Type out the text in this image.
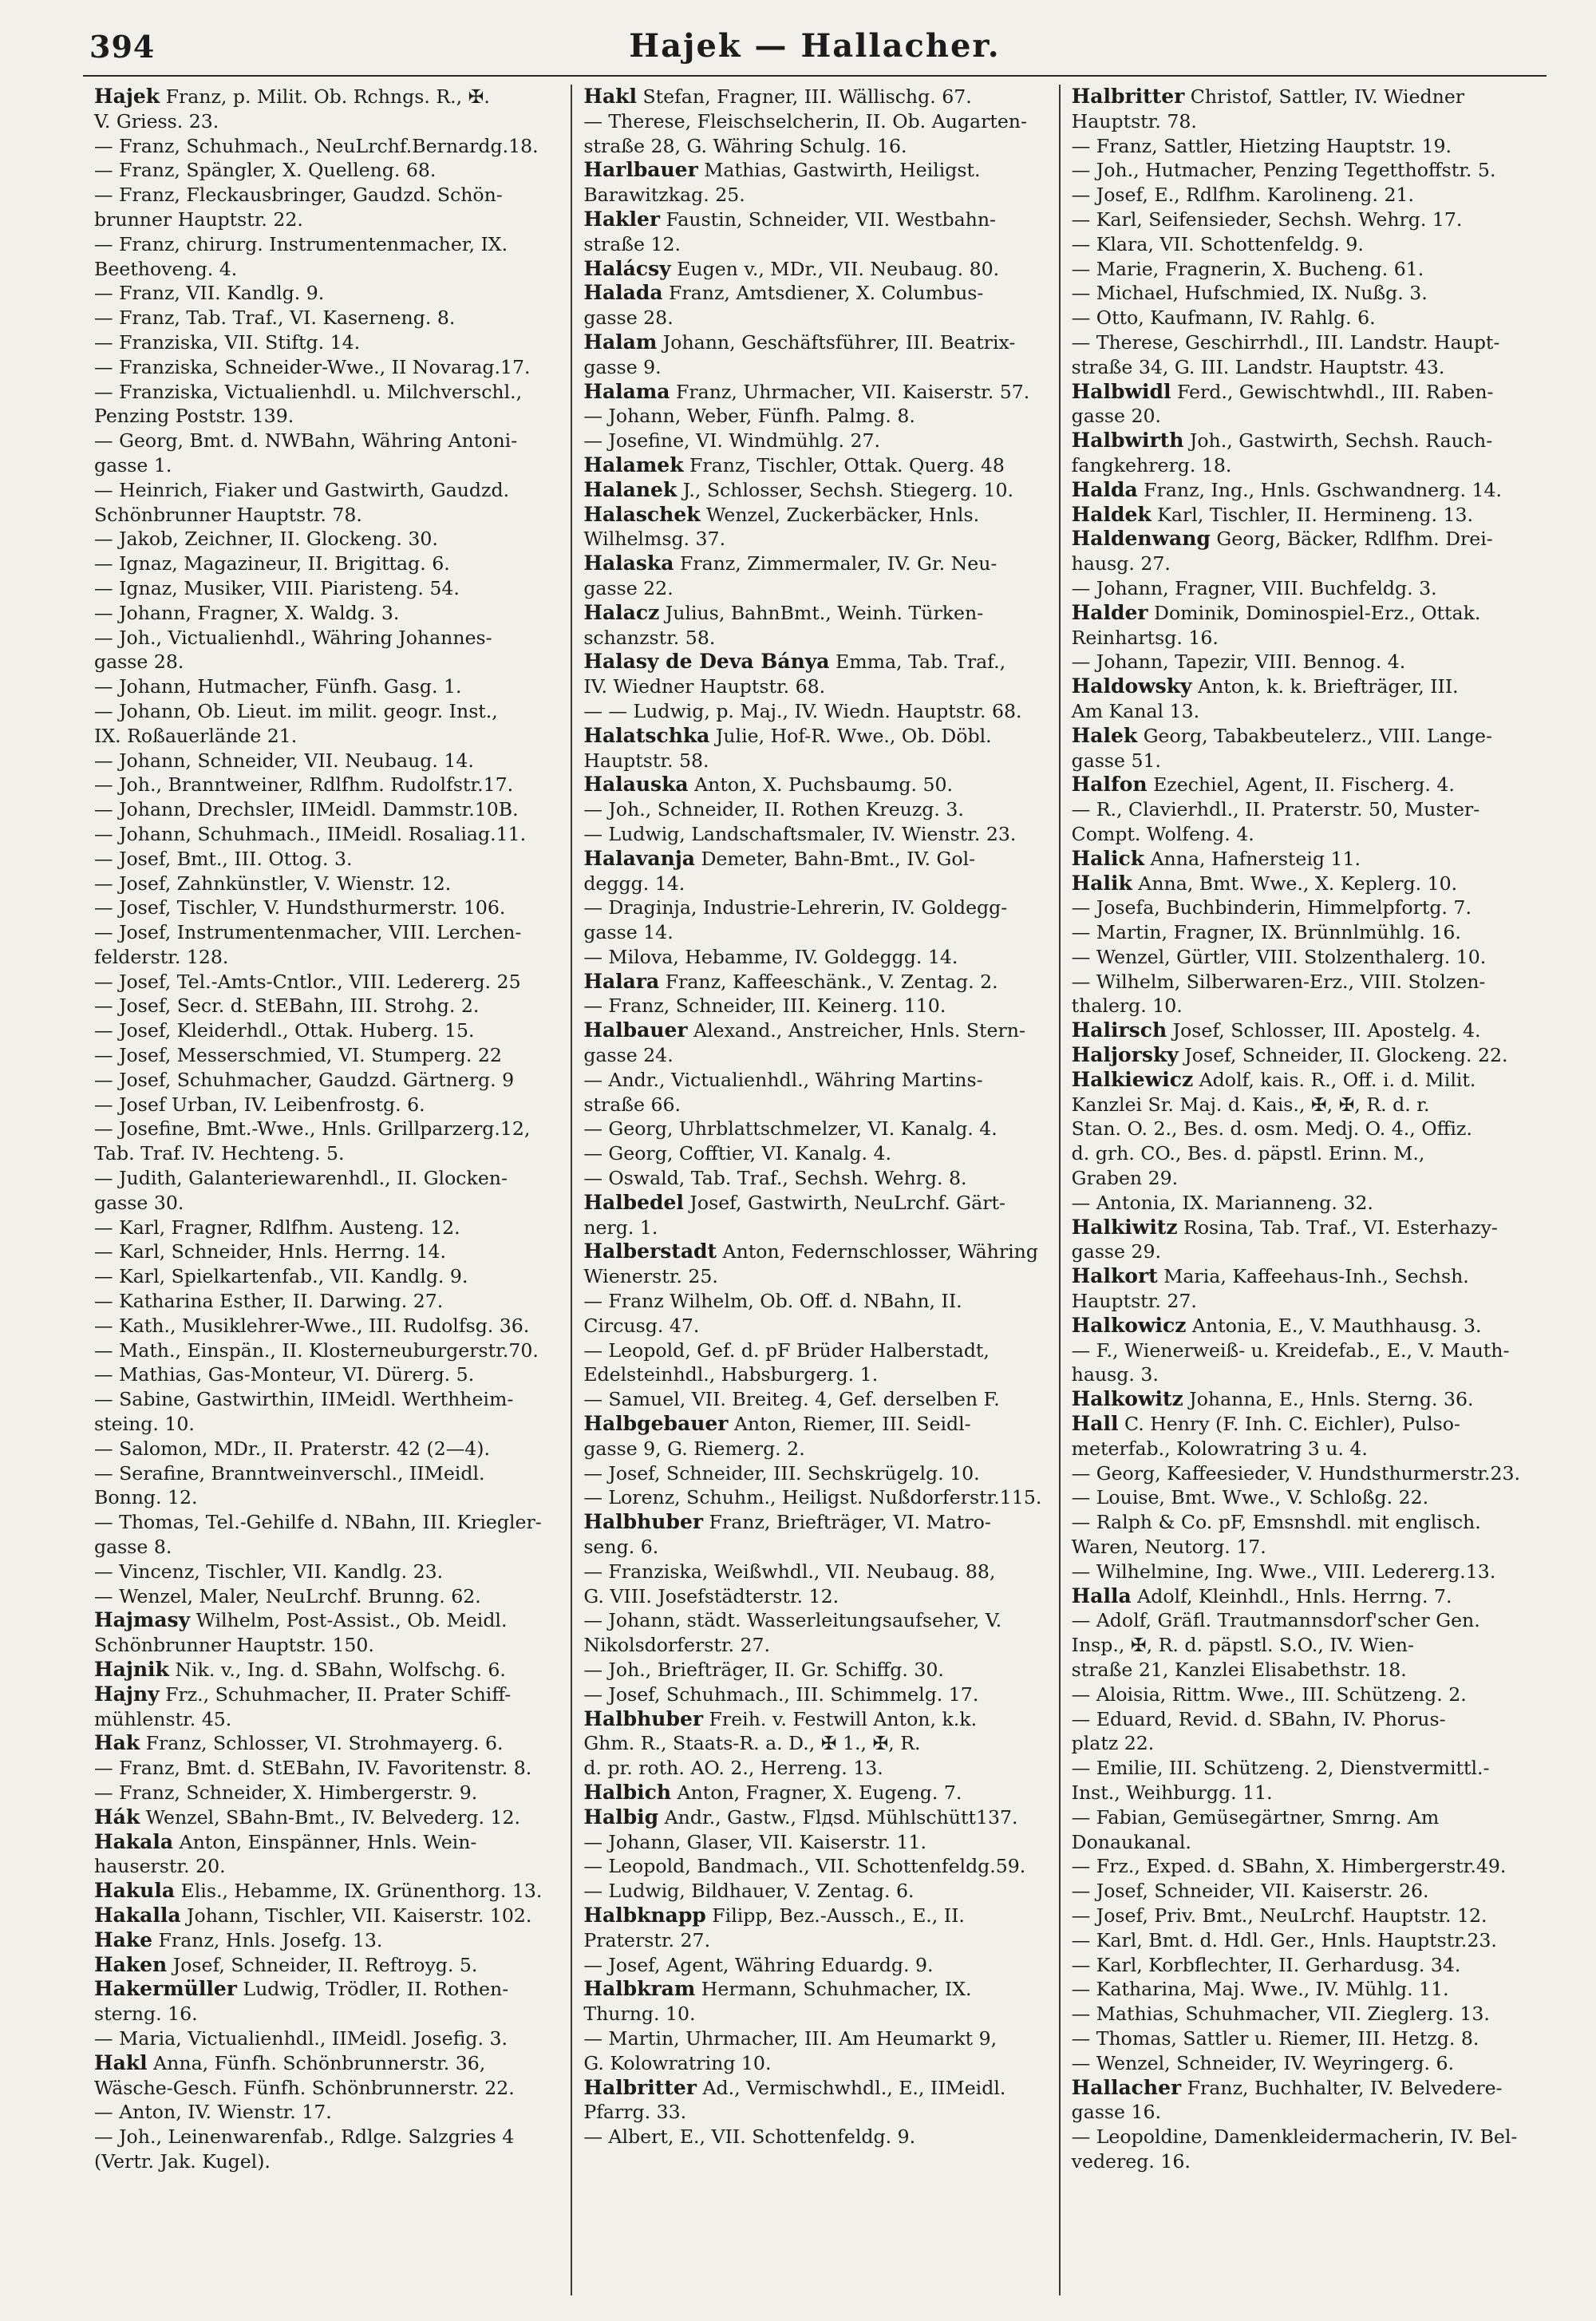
394	Hajek — Hallacher.
Hajek Franz, p. Milit. Ob. Rchngs. R., ✠.
V. Griess. 23.
— Franz, Schuhmach., NeuLrchf.Bernardg.18.
— Franz, Spängler, X. Quelleng. 68.
— Franz, Fleckausbringer, Gaudzd. Schön-
brunner Hauptstr. 22.
— Franz, chirurg. Instrumentenmacher, IX.
Beethoveng. 4.
— Franz, VII. Kandlg. 9.
— Franz, Tab. Traf., VI. Kaserneng. 8.
— Franziska, VII. Stiftg. 14.
— Franziska, Schneider-Wwe., II Novarag.17.
— Franziska, Victualienhdl. u. Milchverschl.,
Penzing Poststr. 139.
— Georg, Bmt. d. NWBahn, Währing Antoni-
gasse 1.
— Heinrich, Fiaker und Gastwirth, Gaudzd.
Schönbrunner Hauptstr. 78.
— Jakob, Zeichner, II. Glockeng. 30.
— Ignaz, Magazineur, II. Brigittag. 6.
— Ignaz, Musiker, VIII. Piaristeng. 54.
— Johann, Fragner, X. Waldg. 3.
— Joh., Victualienhdl., Währing Johannes-
gasse 28.
— Johann, Hutmacher, Fünfh. Gasg. 1.
— Johann, Ob. Lieut. im milit. geogr. Inst.,
IX. Roßauerlände 21.
— Johann, Schneider, VII. Neubaug. 14.
— Joh., Branntweiner, Rdlfhm. Rudolfstr.17.
— Johann, Drechsler, IIMeidl. Dammstr.10B.
— Johann, Schuhmach., IIMeidl. Rosaliag.11.
— Josef, Bmt., III. Ottog. 3.
— Josef, Zahnkünstler, V. Wienstr. 12.
— Josef, Tischler, V. Hundsthurmerstr. 106.
— Josef, Instrumentenmacher, VIII. Lerchen-
felderstr. 128.
— Josef, Tel.-Amts-Cntlor., VIII. Ledererg. 25
— Josef, Secr. d. StEBahn, III. Strohg. 2.
— Josef, Kleiderhdl., Ottak. Huberg. 15.
— Josef, Messerschmied, VI. Stumperg. 22
— Josef, Schuhmacher, Gaudzd. Gärtnerg. 9
— Josef Urban, IV. Leibenfrostg. 6.
— Josefine, Bmt.-Wwe., Hnls. Grillparzerg.12,
Tab. Traf. IV. Hechteng. 5.
— Judith, Galanteriewarenhdl., II. Glocken-
gasse 30.
— Karl, Fragner, Rdlfhm. Austeng. 12.
— Karl, Schneider, Hnls. Herrng. 14.
— Karl, Spielkartenfab., VII. Kandlg. 9.
— Katharina Esther, II. Darwing. 27.
— Kath., Musiklehrer-Wwe., III. Rudolfsg. 36.
— Math., Einspän., II. Klosterneuburgerstr.70.
— Mathias, Gas-Monteur, VI. Dürerg. 5.
— Sabine, Gastwirthin, IIMeidl. Werthheim-
steing. 10.
— Salomon, MDr., II. Praterstr. 42 (2—4).
— Serafine, Branntweinverschl., IIMeidl.
Bonng. 12.
— Thomas, Tel.-Gehilfe d. NBahn, III. Kriegler-
gasse 8.
— Vincenz, Tischler, VII. Kandlg. 23.
— Wenzel, Maler, NeuLrchf. Brunng. 62.
Hajmasy Wilhelm, Post-Assist., Ob. Meidl.
Schönbrunner Hauptstr. 150.
Hajnik Nik. v., Ing. d. SBahn, Wolfschg. 6.
Hajny Frz., Schuhmacher, II. Prater Schiff-
mühlenstr. 45.
Hak Franz, Schlosser, VI. Strohmayerg. 6.
— Franz, Bmt. d. StEBahn, IV. Favoritenstr. 8.
— Franz, Schneider, X. Himbergerstr. 9.
Hák Wenzel, SBahn-Bmt., IV. Belvederg. 12.
Hakala Anton, Einspänner, Hnls. Wein-
hauserstr. 20.
Hakula Elis., Hebamme, IX. Grünenthorg. 13.
Hakalla Johann, Tischler, VII. Kaiserstr. 102.
Hake Franz, Hnls. Josefg. 13.
Haken Josef, Schneider, II. Reftroyg. 5.
Hakermüller Ludwig, Trödler, II. Rothen-
sterng. 16.
— Maria, Victualienhdl., IIMeidl. Josefig. 3.
Hakl Anna, Fünfh. Schönbrunnerstr. 36,
Wäsche-Gesch. Fünfh. Schönbrunnerstr. 22.
— Anton, IV. Wienstr. 17.
— Joh., Leinenwarenfab., Rdlge. Salzgries 4
(Vertr. Jak. Kugel).
Hakl Stefan, Fragner, III. Wällischg. 67.
— Therese, Fleischselcherin, II. Ob. Augarten-
straße 28, G. Währing Schulg. 16.
Harlbauer Mathias, Gastwirth, Heiligst.
Barawitzkag. 25.
Hakler Faustin, Schneider, VII. Westbahn-
straße 12.
Halácsy Eugen v., MDr., VII. Neubaug. 80.
Halada Franz, Amtsdiener, X. Columbus-
gasse 28.
Halam Johann, Geschäftsführer, III. Beatrix-
gasse 9.
Halama Franz, Uhrmacher, VII. Kaiserstr. 57.
— Johann, Weber, Fünfh. Palmg. 8.
— Josefine, VI. Windmühlg. 27.
Halamek Franz, Tischler, Ottak. Querg. 48
Halanek J., Schlosser, Sechsh. Stiegerg. 10.
Halaschek Wenzel, Zuckerbäcker, Hnls.
Wilhelmsg. 37.
Halaska Franz, Zimmermaler, IV. Gr. Neu-
gasse 22.
Halacz Julius, BahnBmt., Weinh. Türken-
schanzstr. 58.
Halasy de Deva Bánya Emma, Tab. Traf.,
IV. Wiedner Hauptstr. 68.
— — Ludwig, p. Maj., IV. Wiedn. Hauptstr. 68.
Halatschka Julie, Hof-R. Wwe., Ob. Döbl.
Hauptstr. 58.
Halauska Anton, X. Puchsbaumg. 50.
— Joh., Schneider, II. Rothen Kreuzg. 3.
— Ludwig, Landschaftsmaler, IV. Wienstr. 23.
Halavanja Demeter, Bahn-Bmt., IV. Gol-
deggg. 14.
— Draginja, Industrie-Lehrerin, IV. Goldegg-
gasse 14.
— Milova, Hebamme, IV. Goldeggg. 14.
Halara Franz, Kaffeeschänk., V. Zentag. 2.
— Franz, Schneider, III. Keinerg. 110.
Halbauer Alexand., Anstreicher, Hnls. Stern-
gasse 24.
— Andr., Victualienhdl., Währing Martins-
straße 66.
— Georg, Uhrblattschmelzer, VI. Kanalg. 4.
— Georg, Cofftier, VI. Kanalg. 4.
— Oswald, Tab. Traf., Sechsh. Wehrg. 8.
Halbedel Josef, Gastwirth, NeuLrchf. Gärt-
nerg. 1.
Halberstadt Anton, Federnschlosser, Währing
Wienerstr. 25.
— Franz Wilhelm, Ob. Off. d. NBahn, II.
Circusg. 47.
— Leopold, Gef. d. pF Brüder Halberstadt,
Edelsteinhdl., Habsburgerg. 1.
— Samuel, VII. Breiteg. 4, Gef. derselben F.
Halbgebauer Anton, Riemer, III. Seidl-
gasse 9, G. Riemerg. 2.
— Josef, Schneider, III. Sechskrügelg. 10.
— Lorenz, Schuhm., Heiligst. Nußdorferstr.115.
Halbhuber Franz, Briefträger, VI. Matro-
seng. 6.
— Franziska, Weißwhdl., VII. Neubaug. 88,
G. VIII. Josefstädterstr. 12.
— Johann, städt. Wasserleitungsaufseher, V.
Nikolsdorferstr. 27.
— Joh., Briefträger, II. Gr. Schiffg. 30.
— Josef, Schuhmach., III. Schimmelg. 17.
Halbhuber Freih. v. Festwill Anton, k.k.
Ghm. R., Staats-R. a. D., ✠ 1., ✠, R.
d. pr. roth. AO. 2., Herreng. 13.
Halbich Anton, Fragner, X. Eugeng. 7.
Halbig Andr., Gastw., Flдsd. Mühlschütt137.
— Johann, Glaser, VII. Kaiserstr. 11.
— Leopold, Bandmach., VII. Schottenfeldg.59.
— Ludwig, Bildhauer, V. Zentag. 6.
Halbknapp Filipp, Bez.-Aussch., E., II.
Praterstr. 27.
— Josef, Agent, Währing Eduardg. 9.
Halbkram Hermann, Schuhmacher, IX.
Thurng. 10.
— Martin, Uhrmacher, III. Am Heumarkt 9,
G. Kolowratring 10.
Halbritter Ad., Vermischwhdl., E., IIMeidl.
Pfarrg. 33.
— Albert, E., VII. Schottenfeldg. 9.
Halbritter Christof, Sattler, IV. Wiedner
Hauptstr. 78.
— Franz, Sattler, Hietzing Hauptstr. 19.
— Joh., Hutmacher, Penzing Tegetthoffstr. 5.
— Josef, E., Rdlfhm. Karolineng. 21.
— Karl, Seifensieder, Sechsh. Wehrg. 17.
— Klara, VII. Schottenfeldg. 9.
— Marie, Fragnerin, X. Bucheng. 61.
— Michael, Hufschmied, IX. Nußg. 3.
— Otto, Kaufmann, IV. Rahlg. 6.
— Therese, Geschirrhdl., III. Landstr. Haupt-
straße 34, G. III. Landstr. Hauptstr. 43.
Halbwidl Ferd., Gewischtwhdl., III. Raben-
gasse 20.
Halbwirth Joh., Gastwirth, Sechsh. Rauch-
fangkehrerg. 18.
Halda Franz, Ing., Hnls. Gschwandnerg. 14.
Haldek Karl, Tischler, II. Hermineng. 13.
Haldenwang Georg, Bäcker, Rdlfhm. Drei-
hausg. 27.
— Johann, Fragner, VIII. Buchfeldg. 3.
Halder Dominik, Dominospiel-Erz., Ottak.
Reinhartsg. 16.
— Johann, Tapezir, VIII. Bennog. 4.
Haldowsky Anton, k. k. Briefträger, III.
Am Kanal 13.
Halek Georg, Tabakbeutelerz., VIII. Lange-
gasse 51.
Halfon Ezechiel, Agent, II. Fischerg. 4.
— R., Clavierhdl., II. Praterstr. 50, Muster-
Compt. Wolfeng. 4.
Halick Anna, Hafnersteig 11.
Halik Anna, Bmt. Wwe., X. Keplerg. 10.
— Josefa, Buchbinderin, Himmelpfortg. 7.
— Martin, Fragner, IX. Brünnlmühlg. 16.
— Wenzel, Gürtler, VIII. Stolzenthalerg. 10.
— Wilhelm, Silberwaren-Erz., VIII. Stolzen-
thalerg. 10.
Halirsch Josef, Schlosser, III. Apostelg. 4.
Haljorsky Josef, Schneider, II. Glockeng. 22.
Halkiewicz Adolf, kais. R., Off. i. d. Milit.
Kanzlei Sr. Maj. d. Kais., ✠, ✠, R. d. r.
Stan. O. 2., Bes. d. osm. Medj. O. 4., Offiz.
d. grh. CO., Bes. d. päpstl. Erinn. M.,
Graben 29.
— Antonia, IX. Marianneng. 32.
Halkiwitz Rosina, Tab. Traf., VI. Esterhazy-
gasse 29.
Halkort Maria, Kaffeehaus-Inh., Sechsh.
Hauptstr. 27.
Halkowicz Antonia, E., V. Mauthhausg. 3.
— F., Wienerweiß- u. Kreidefab., E., V. Mauth-
hausg. 3.
Halkowitz Johanna, E., Hnls. Sterng. 36.
Hall C. Henry (F. Inh. C. Eichler), Pulso-
meterfab., Kolowratring 3 u. 4.
— Georg, Kaffeesieder, V. Hundsthurmerstr.23.
— Louise, Bmt. Wwe., V. Schloßg. 22.
— Ralph & Co. pF, Emsnshdl. mit englisch.
Waren, Neutorg. 17.
— Wilhelmine, Ing. Wwe., VIII. Ledererg.13.
Halla Adolf, Kleinhdl., Hnls. Herrng. 7.
— Adolf, Gräfl. Trautmannsdorf'scher Gen.
Insp., ✠, R. d. päpstl. S.O., IV. Wien-
straße 21, Kanzlei Elisabethstr. 18.
— Aloisia, Rittm. Wwe., III. Schützeng. 2.
— Eduard, Revid. d. SBahn, IV. Phorus-
platz 22.
— Emilie, III. Schützeng. 2, Dienstvermittl.-
Inst., Weihburgg. 11.
— Fabian, Gemüsegärtner, Smrng. Am
Donaukanal.
— Frz., Exped. d. SBahn, X. Himbergerstr.49.
— Josef, Schneider, VII. Kaiserstr. 26.
— Josef, Priv. Bmt., NeuLrchf. Hauptstr. 12.
— Karl, Bmt. d. Hdl. Ger., Hnls. Hauptstr.23.
— Karl, Korbflechter, II. Gerhardusg. 34.
— Katharina, Maj. Wwe., IV. Mühlg. 11.
— Mathias, Schuhmacher, VII. Zieglerg. 13.
— Thomas, Sattler u. Riemer, III. Hetzg. 8.
— Wenzel, Schneider, IV. Weyringerg. 6.
Hallacher Franz, Buchhalter, IV. Belvedere-
gasse 16.
— Leopoldine, Damenkleidermacherin, IV. Bel-
vedereg. 16.
